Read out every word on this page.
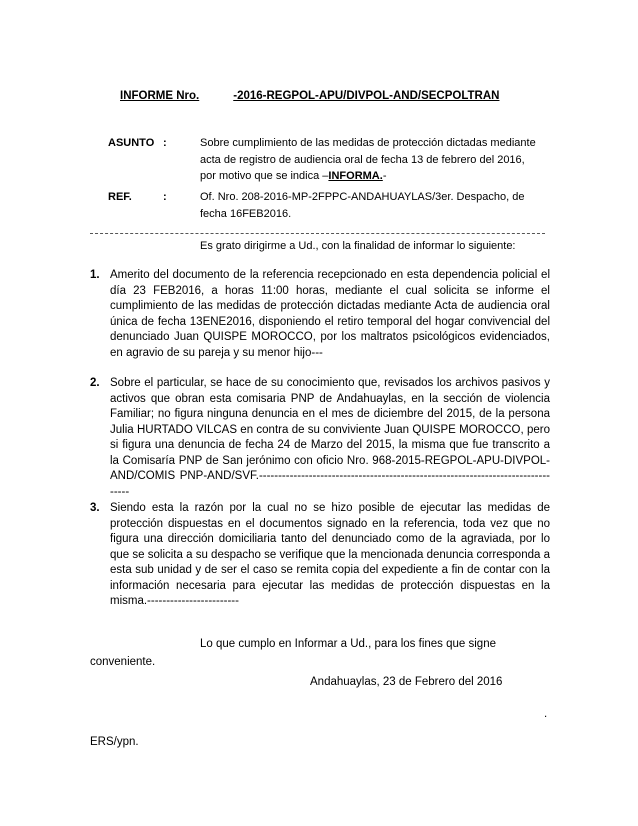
INFORME Nro.	-2016-REGPOL-APU/DIVPOL-AND/SECPOLTRAN
ASUNTO :	Sobre cumplimiento de las medidas de protección dictadas mediante
acta de registro de audiencia oral de fecha 13 de febrero del 2016,
por motivo que se indica –INFORMA.-
REF.	:	Of. Nro. 208-2016-MP-2FPPC-ANDAHUAYLAS/3er. Despacho, de
fecha 16FEB2016.
Es grato dirigirme a Ud., con la finalidad de informar lo siguiente:
1. Amerito del documento de la referencia recepcionado en esta dependencia policial el día 23 FEB2016, a horas 11:00 horas, mediante el cual solicita se informe el cumplimiento de las medidas de protección dictadas mediante Acta de audiencia oral única de fecha 13ENE2016, disponiendo el retiro temporal del hogar convivencial del denunciado Juan QUISPE MOROCCO, por los maltratos psicológicos evidenciados, en agravio de su pareja y su menor hijo---
2. Sobre el particular, se hace de su conocimiento que, revisados los archivos pasivos y activos que obran esta comisaria PNP de Andahuaylas, en la sección de violencia Familiar; no figura ninguna denuncia en el mes de diciembre del 2015, de la persona Julia HURTADO VILCAS en contra de su conviviente Juan QUISPE MOROCCO, pero si figura una denuncia de fecha 24 de Marzo del 2015, la misma que fue transcrito a la Comisaría PNP de San jerónimo con oficio Nro. 968-2015-REGPOL-APU-DIVPOL-AND/COMIS PNP-AND/SVF.---------------------------------------------------------------------------------
3. Siendo esta la razón por la cual no se hizo posible de ejecutar las medidas de protección dispuestas en el documentos signado en la referencia, toda vez que no figura una dirección domiciliaria tanto del denunciado como de la agraviada, por lo que se solicita a su despacho se verifique que la mencionada denuncia corresponda a esta sub unidad y de ser el caso se remita copia del expediente a fin de contar con la información necesaria para ejecutar las medidas de protección dispuestas en la misma.------------------------
Lo que cumplo en Informar a Ud., para los fines que signe
conveniente.
Andahuaylas, 23 de Febrero del 2016
.
ERS/ypn.
